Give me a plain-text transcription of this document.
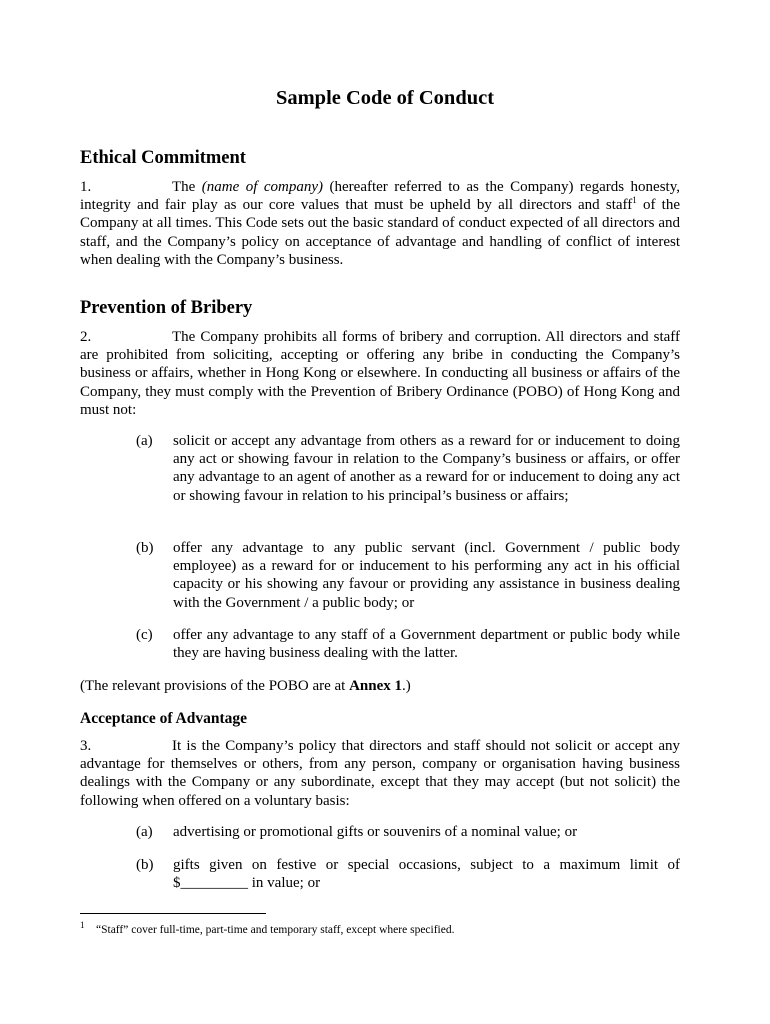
Sample Code of Conduct
Ethical Commitment

1.	The (name of company) (hereafter referred to as the Company) regards honesty, integrity and fair play as our core values that must be upheld by all directors and staff$^1$ of the Company at all times. This Code sets out the basic standard of conduct expected of all directors and staff, and the Company’s policy on acceptance of advantage and handling of conflict of interest when dealing with the Company’s business.

Prevention of Bribery

2.	The Company prohibits all forms of bribery and corruption. All directors and staff are prohibited from soliciting, accepting or offering any bribe in conducting the Company’s business or affairs, whether in Hong Kong or elsewhere. In conducting all business or affairs of the Company, they must comply with the Prevention of Bribery Ordinance (POBO) of Hong Kong and must not:

(a) solicit or accept any advantage from others as a reward for or inducement to doing any act or showing favour in relation to the Company’s business or affairs, or offer any advantage to an agent of another as a reward for or inducement to doing any act or showing favour in relation to his principal’s business or affairs;
(b) offer any advantage to any public servant (incl. Government / public body employee) as a reward for or inducement to his performing any act in his official capacity or his showing any favour or providing any assistance in business dealing with the Government / a public body; or
(c) offer any advantage to any staff of a Government department or public body while they are having business dealing with the latter.

(The relevant provisions of the POBO are at Annex 1.)

Acceptance of Advantage

3.	It is the Company’s policy that directors and staff should not solicit or accept any advantage for themselves or others, from any person, company or organisation having business dealings with the Company or any subordinate, except that they may accept (but not solicit) the following when offered on a voluntary basis:

(a) advertising or promotional gifts or souvenirs of a nominal value; or
(b) gifts given on festive or special occasions, subject to a maximum limit of $_________ in value; or
$^1$ “Staff” cover full-time, part-time and temporary staff, except where specified.
